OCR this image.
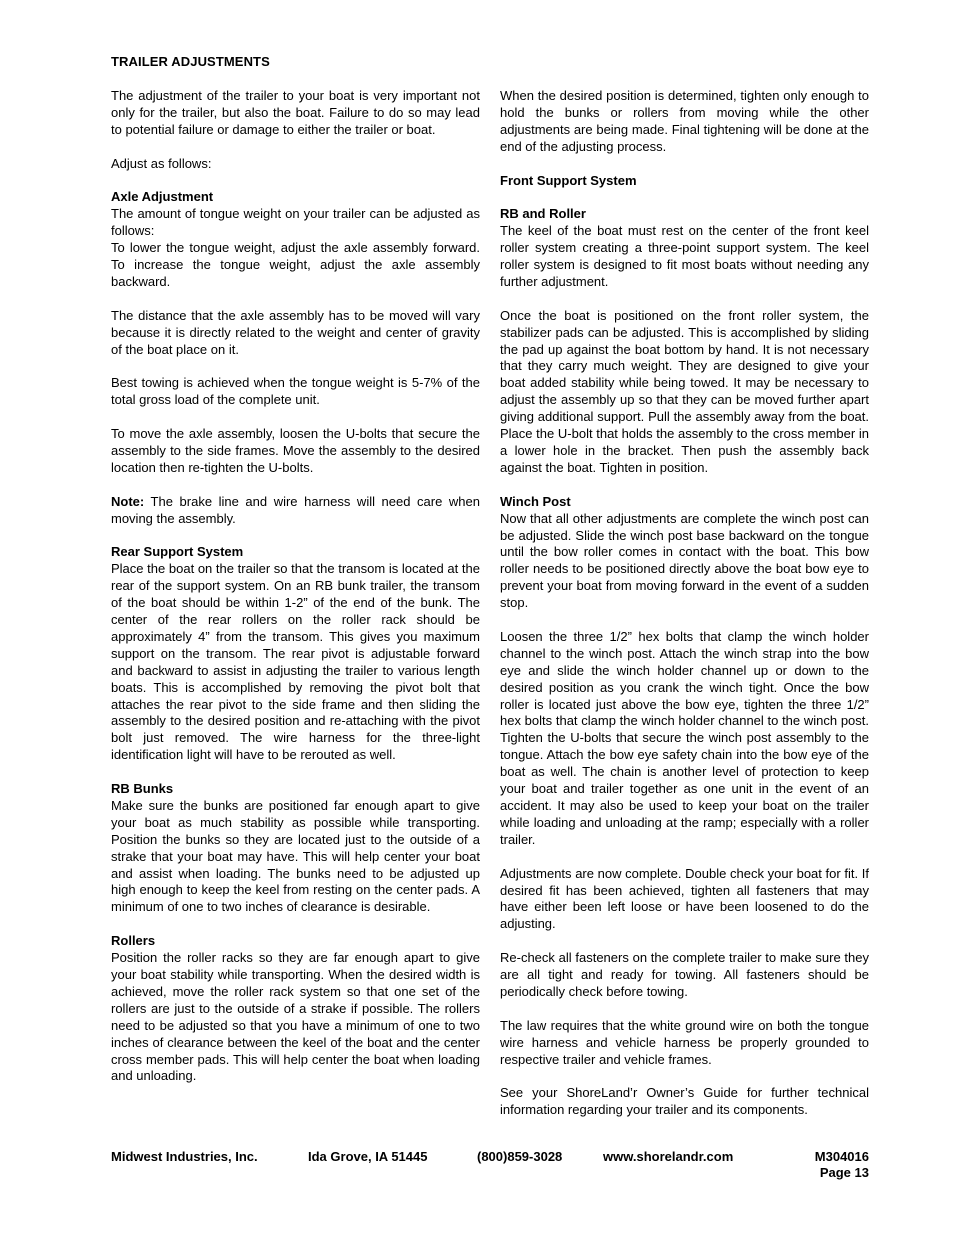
TRAILER ADJUSTMENTS

The adjustment of the trailer to your boat is very important not only for the trailer, but also the boat. Failure to do so may lead to potential failure or damage to either the trailer or boat.

Adjust as follows:

Axle Adjustment

The amount of tongue weight on your trailer can be adjusted as follows:

To lower the tongue weight, adjust the axle assembly forward. To increase the tongue weight, adjust the axle assembly backward.

The distance that the axle assembly has to be moved will vary because it is directly related to the weight and center of gravity of the boat place on it.

Best towing is achieved when the tongue weight is 5-7% of the total gross load of the complete unit.

To move the axle assembly, loosen the U-bolts that secure the assembly to the side frames. Move the assembly to the desired location then re-tighten the U-bolts.

Note: The brake line and wire harness will need care when moving the assembly.

Rear Support System

Place the boat on the trailer so that the transom is located at the rear of the support system. On an RB bunk trailer, the transom of the boat should be within 1-2” of the end of the bunk. The center of the rear rollers on the roller rack should be approximately 4” from the transom. This gives you maximum support on the transom. The rear pivot is adjustable forward and backward to assist in adjusting the trailer to various length boats. This is accomplished by removing the pivot bolt that attaches the rear pivot to the side frame and then sliding the assembly to the desired position and re-attaching with the pivot bolt just removed. The wire harness for the three-light identification light will have to be rerouted as well.

RB Bunks

Make sure the bunks are positioned far enough apart to give your boat as much stability as possible while transporting. Position the bunks so they are located just to the outside of a strake that your boat may have. This will help center your boat and assist when loading. The bunks need to be adjusted up high enough to keep the keel from resting on the center pads. A minimum of one to two inches of clearance is desirable.

Rollers

Position the roller racks so they are far enough apart to give your boat stability while transporting. When the desired width is achieved, move the roller rack system so that one set of the rollers are just to the outside of a strake if possible. The rollers need to be adjusted so that you have a minimum of one to two inches of clearance between the keel of the boat and the center cross member pads. This will help center the boat when loading and unloading.

When the desired position is determined, tighten only enough to hold the bunks or rollers from moving while the other adjustments are being made. Final tightening will be done at the end of the adjusting process.

Front Support System
RB and Roller

The keel of the boat must rest on the center of the front keel roller system creating a three-point support system. The keel roller system is designed to fit most boats without needing any further adjustment.

Once the boat is positioned on the front roller system, the stabilizer pads can be adjusted. This is accomplished by sliding the pad up against the boat bottom by hand. It is not necessary that they carry much weight. They are designed to give your boat added stability while being towed. It may be necessary to adjust the assembly up so that they can be moved further apart giving additional support. Pull the assembly away from the boat. Place the U-bolt that holds the assembly to the cross member in a lower hole in the bracket. Then push the assembly back against the boat. Tighten in position.

Winch Post

Now that all other adjustments are complete the winch post can be adjusted. Slide the winch post base backward on the tongue until the bow roller comes in contact with the boat. This bow roller needs to be positioned directly above the boat bow eye to prevent your boat from moving forward in the event of a sudden stop.

Loosen the three 1/2” hex bolts that clamp the winch holder channel to the winch post. Attach the winch strap into the bow eye and slide the winch holder channel up or down to the desired position as you crank the winch tight. Once the bow roller is located just above the bow eye, tighten the three 1/2” hex bolts that clamp the winch holder channel to the winch post. Tighten the U-bolts that secure the winch post assembly to the tongue. Attach the bow eye safety chain into the bow eye of the boat as well. The chain is another level of protection to keep your boat and trailer together as one unit in the event of an accident. It may also be used to keep your boat on the trailer while loading and unloading at the ramp; especially with a roller trailer.

Adjustments are now complete. Double check your boat for fit. If desired fit has been achieved, tighten all fasteners that may have either been left loose or have been loosened to do the adjusting.

Re-check all fasteners on the complete trailer to make sure they are all tight and ready for towing. All fasteners should be periodically check before towing.

The law requires that the white ground wire on both the tongue wire harness and vehicle harness be properly grounded to respective trailer and vehicle frames.

See your ShoreLand’r Owner’s Guide for further technical information regarding your trailer and its components.

Midwest Industries, Inc.	Ida Grove, IA 51445	(800)859-3028	www.shorelandr.com	M304016
Page 13
